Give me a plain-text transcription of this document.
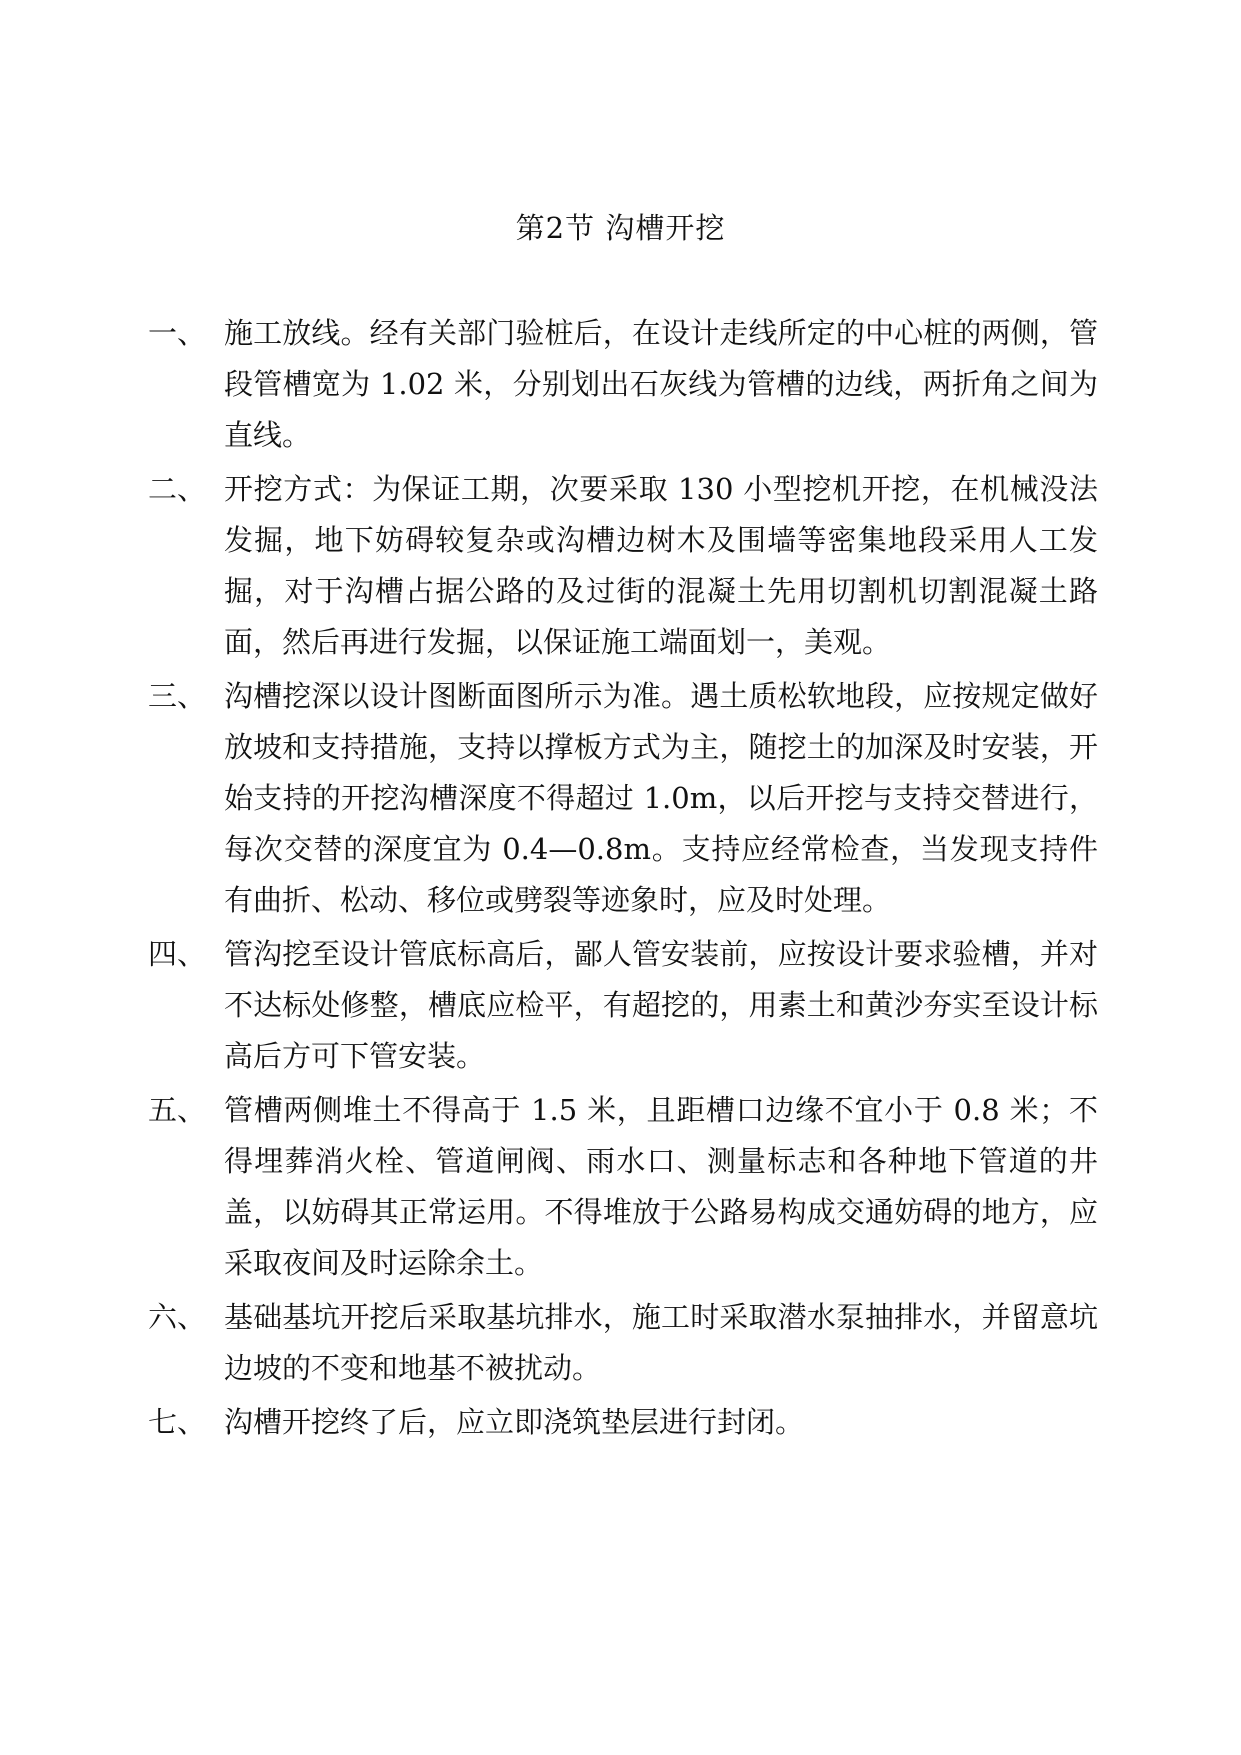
第2节 沟槽开挖
一、 施工放线。经有关部门验桩后，在设计走线所定的中心桩的两侧，管段管槽宽为 1.02 米，分别划出石灰线为管槽的边线，两折角之间为直线。
二、 开挖方式：为保证工期，次要采取 130 小型挖机开挖，在机械没法发掘，地下妨碍较复杂或沟槽边树木及围墙等密集地段采用人工发掘，对于沟槽占据公路的及过街的混凝土先用切割机切割混凝土路面，然后再进行发掘，以保证施工端面划一，美观。
三、 沟槽挖深以设计图断面图所示为准。遇土质松软地段，应按规定做好放坡和支持措施，支持以撑板方式为主，随挖土的加深及时安装，开始支持的开挖沟槽深度不得超过 1.0m，以后开挖与支持交替进行，每次交替的深度宜为 0.4—0.8m。支持应经常检查，当发现支持件有曲折、松动、移位或劈裂等迹象时，应及时处理。
四、 管沟挖至设计管底标高后，鄙人管安装前，应按设计要求验槽，并对不达标处修整，槽底应检平，有超挖的，用素土和黄沙夯实至设计标高后方可下管安装。
五、 管槽两侧堆土不得高于 1.5 米，且距槽口边缘不宜小于 0.8 米；不得埋葬消火栓、管道闸阀、雨水口、测量标志和各种地下管道的井盖，以妨碍其正常运用。不得堆放于公路易构成交通妨碍的地方，应采取夜间及时运除余土。
六、 基础基坑开挖后采取基坑排水，施工时采取潜水泵抽排水，并留意坑边坡的不变和地基不被扰动。
七、 沟槽开挖终了后，应立即浇筑垫层进行封闭。
